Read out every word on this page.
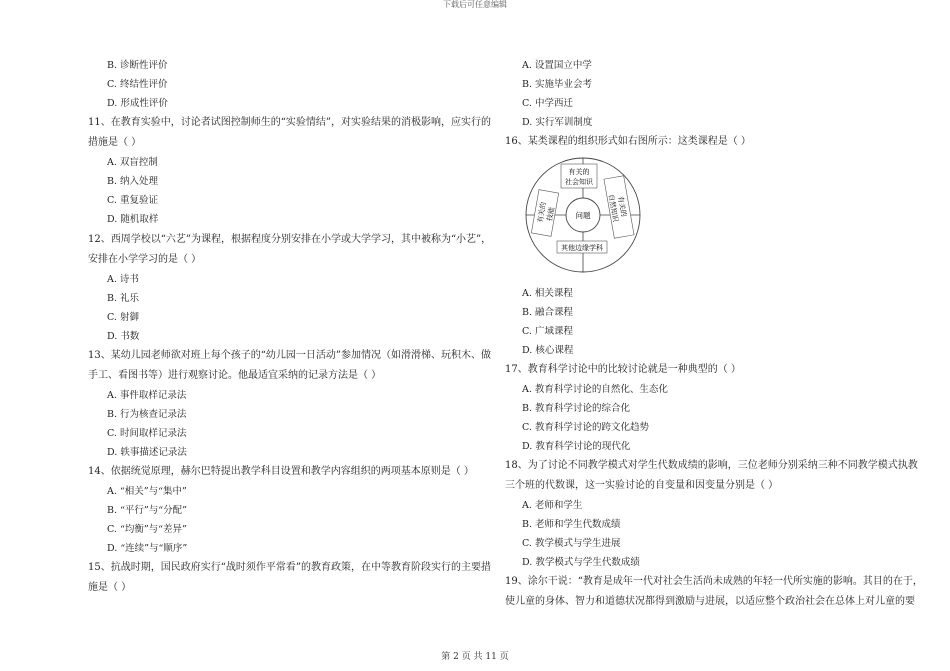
下载后可任意编辑
B. 诊断性评价
C. 终结性评价
D. 形成性评价
11、在教育实验中，讨论者试图控制师生的“实验情结”，对实验结果的消极影响，应实行的
措施是（ ）
A. 双盲控制
B. 纳入处理
C. 重复验证
D. 随机取样
12、西周学校以“六艺”为课程，根据程度分别安排在小学或大学学习，其中被称为“小艺”，
安排在小学学习的是（ ）
A. 诗书
B. 礼乐
C. 射御
D. 书数
13、某幼儿园老师欲对班上每个孩子的“幼儿园一日活动”参加情况（如滑滑梯、玩积木、做
手工、看图书等）进行观察讨论。他最适宜采纳的记录方法是（ ）
A. 事件取样记录法
B. 行为核查记录法
C. 时间取样记录法
D. 轶事描述记录法
14、依据统觉原理，赫尔巴特提出教学科目设置和教学内容组织的两项基本原则是（ ）
A. “相关”与“集中”
B. “平行”与“分配”
C. “均衡”与“差异”
D. “连续”与“顺序”
15、抗战时期，国民政府实行“战时须作平常看”的教育政策，在中等教育阶段实行的主要措
施是（ ）
A. 设置国立中学
B. 实施毕业会考
C. 中学西迁
D. 实行军训制度
16、某类课程的组织形式如右图所示：这类课程是（ ）
A. 相关课程
B. 融合课程
C. 广域课程
D. 核心课程
17、教育科学讨论中的比较讨论就是一种典型的（ ）
A. 教育科学讨论的自然化、生态化
B. 教育科学讨论的综合化
C. 教育科学讨论的跨文化趋势
D. 教育科学讨论的现代化
18、为了讨论不同教学模式对学生代数成绩的影响，三位老师分别采纳三种不同教学模式执教
三个班的代数课，这一实验讨论的自变量和因变量分别是（ ）
A. 老师和学生
B. 老师和学生代数成绩
C. 教学模式与学生进展
D. 教学模式与学生代数成绩
19、涂尔干说：“教育是成年一代对社会生活尚未成熟的年轻一代所实施的影响。其目的在于，
使儿童的身体、智力和道德状况都得到激励与进展，以适应整个政治社会在总体上对儿童的要
有关的
社会知识
问题	有关的
自然知识
其他边缘学科
有关的
技能
第 2 页 共 11 页
